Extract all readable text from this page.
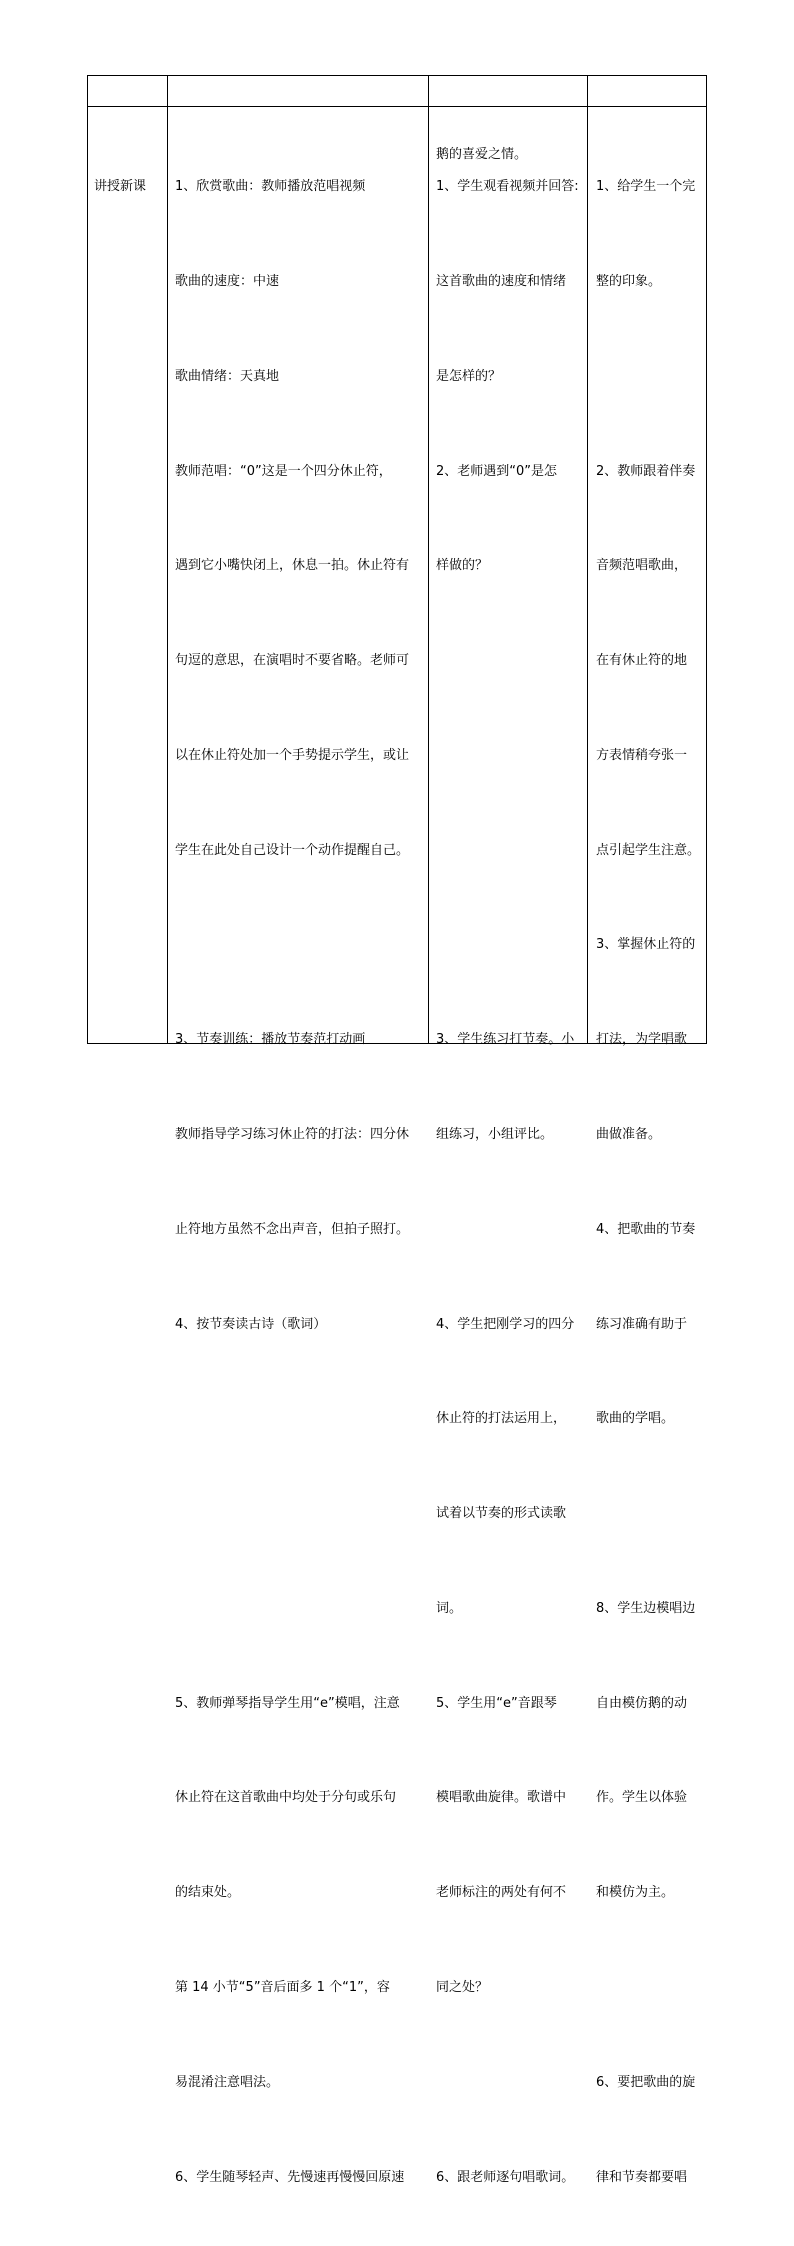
鹅的喜爱之情。

讲授新课

1、欣赏歌曲：教师播放范唱视频

歌曲的速度：中速

歌曲情绪：天真地

教师范唱：“0”这是一个四分休止符，

遇到它小嘴快闭上，休息一拍。休止符有

句逗的意思，在演唱时不要省略。老师可

以在休止符处加一个手势提示学生，或让

学生在此处自己设计一个动作提醒自己。

3、节奏训练：播放节奏范打动画

教师指导学习练习休止符的打法：四分休

止符地方虽然不念出声音，但拍子照打。

4、按节奏读古诗（歌词）

5、教师弹琴指导学生用“e”模唱，注意

休止符在这首歌曲中均处于分句或乐句

的结束处。

第 14 小节“5”音后面多 1 个“1”，容

易混淆注意唱法。

6、学生随琴轻声、先慢速再慢慢回原速

1、学生观看视频并回答:

这首歌曲的速度和情绪

是怎样的？

2、老师遇到“0”是怎

样做的？

3、学生练习打节奏。小

组练习，小组评比。

4、学生把刚学习的四分

休止符的打法运用上，

试着以节奏的形式读歌

词。

5、学生用“e”音跟琴

模唱歌曲旋律。歌谱中

老师标注的两处有何不

同之处？

6、跟老师逐句唱歌词。

1、给学生一个完

整的印象。

2、教师跟着伴奏

音频范唱歌曲，

在有休止符的地

方表情稍夸张一

点引起学生注意。

3、掌握休止符的

打法，为学唱歌

曲做准备。

4、把歌曲的节奏

练习准确有助于

歌曲的学唱。

8、学生边模唱边

自由模仿鹅的动

作。学生以体验

和模仿为主。

6、要把歌曲的旋

律和节奏都要唱
